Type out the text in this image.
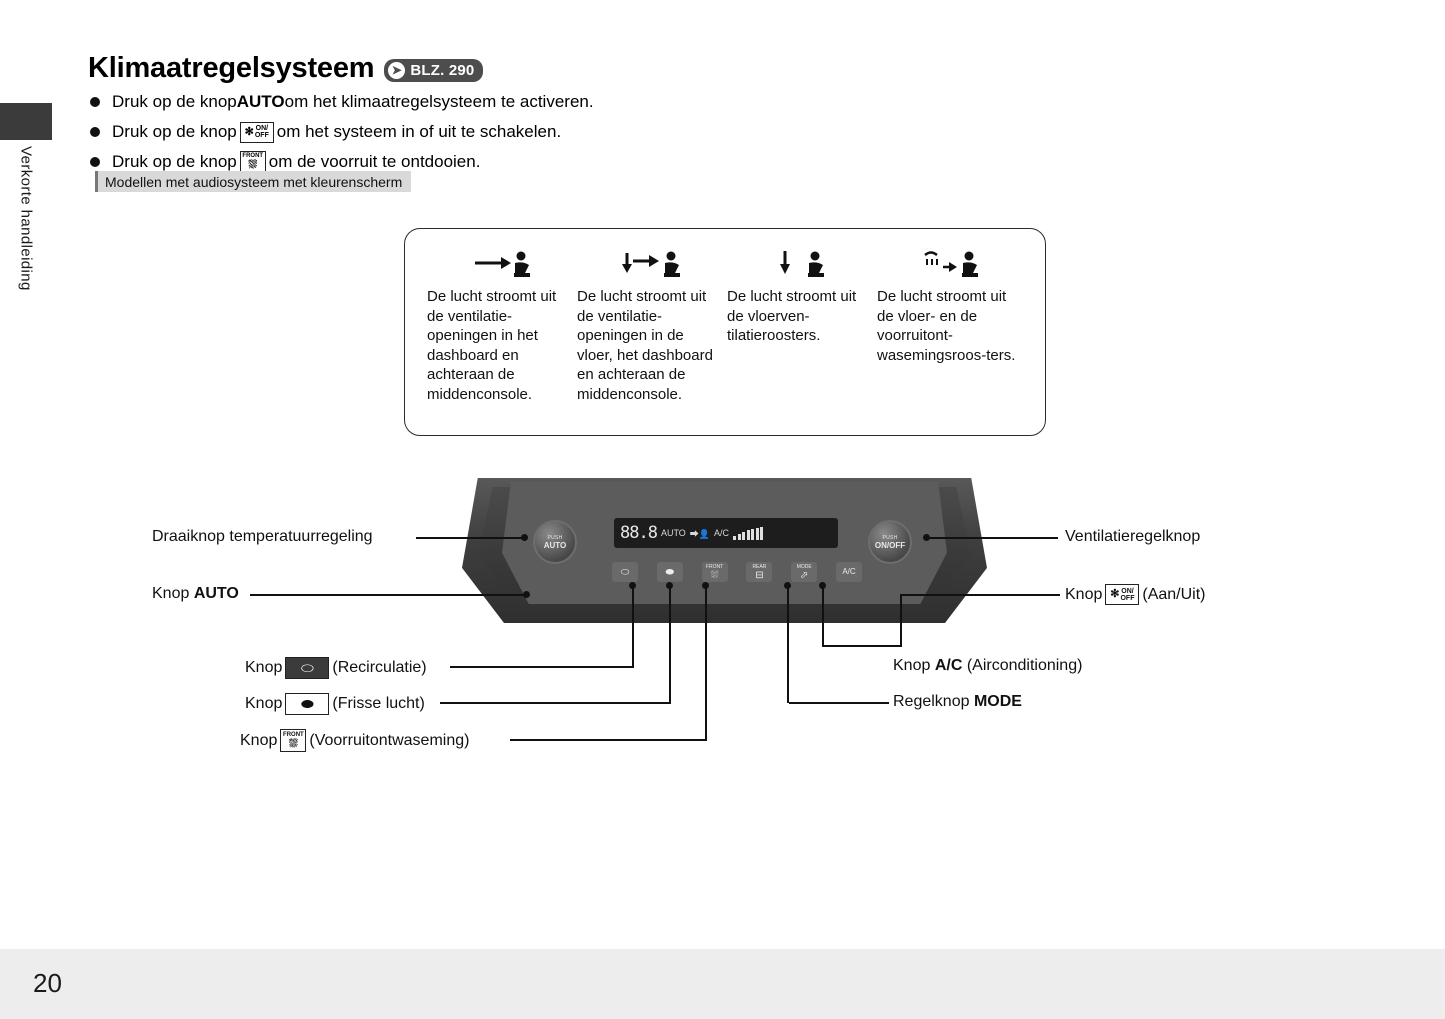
Verkorte handleiding
Klimaatregelsysteem ➤ BLZ. 290
Druk op de knop AUTO om het klimaatregelsysteem te activeren.
Druk op de knop ✻ ON/
OFF om het systeem in of uit te schakelen.
Druk op de knop FRONT
⛆ om de voorruit te ontdooien.
Modellen met audiosysteem met kleurenscherm
De lucht stroomt uit de ventilatie-openingen in het dashboard en achteraan de middenconsole.
De lucht stroomt uit de ventilatie-openingen in de vloer, het dashboard en achteraan de middenconsole.
De lucht stroomt uit de vloerven-tilatieroosters.
De lucht stroomt uit de vloer- en de voorruitont-wasemingsroos-ters.
PUSH
AUTO
PUSH
ON/OFF
88.8 AUTO ⮕👤 A/C
⬭	⬬	FRONT
⛆
REAR
⊟
MODE
⬀	A/C
Draaiknop temperatuurregeling
Knop AUTO
Ventilatieregelknop
Knop ✻ ON/
OFF (Aan/Uit)
Knop	⬭	(Recirculatie)
Knop	⬬	(Frisse lucht)
Knop FRONT
⛆ (Voorruitontwaseming)
Knop A/C (Airconditioning)
Regelknop MODE
20
